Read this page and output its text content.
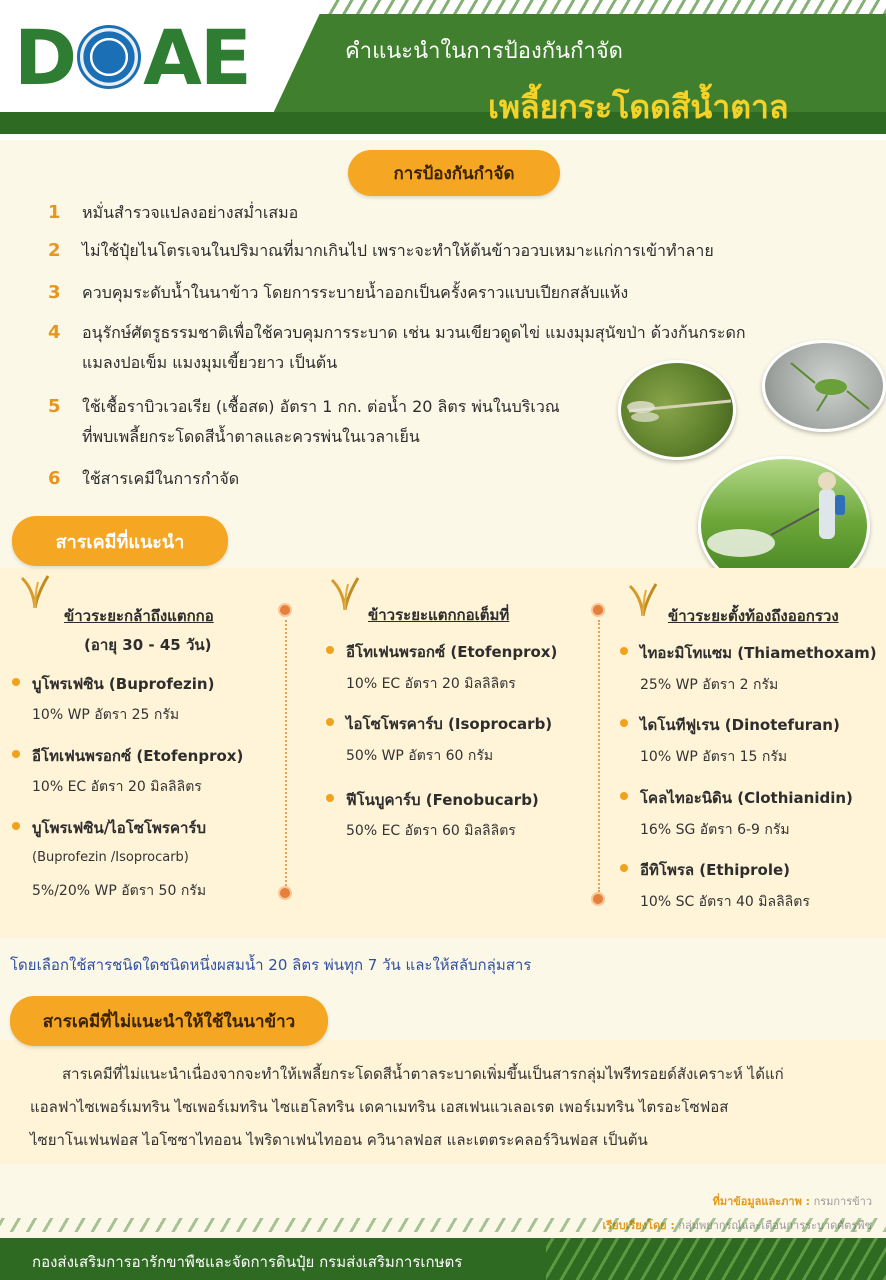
D AE	คำแนะนำในการป้องกันกำจัด
เพลี้ยกระโดดสีน้ำตาล
การป้องกันกำจัด
1	หมั่นสำรวจแปลงอย่างสม่ำเสมอ
2	ไม่ใช้ปุ๋ยไนโตรเจนในปริมาณที่มากเกินไป เพราะจะทำให้ต้นข้าวอวบเหมาะแก่การเข้าทำลาย
3	ควบคุมระดับน้ำในนาข้าว โดยการระบายน้ำออกเป็นครั้งคราวแบบเปียกสลับแห้ง
4	อนุรักษ์ศัตรูธรรมชาติเพื่อใช้ควบคุมการระบาด เช่น มวนเขียวดูดไข่ แมงมุมสุนัขป่า ด้วงก้นกระดก
แมลงปอเข็ม แมงมุมเขี้ยวยาว เป็นต้น
5	ใช้เชื้อราบิวเวอเรีย (เชื้อสด) อัตรา 1 กก. ต่อน้ำ 20 ลิตร พ่นในบริเวณ
ที่พบเพลี้ยกระโดดสีน้ำตาลและควรพ่นในเวลาเย็น
6	ใช้สารเคมีในการกำจัด
สารเคมีที่แนะนำ
ข้าวระยะกล้าถึงแตกกอ
(อายุ 30 - 45 วัน)
บูโพรเฟซิน (Buprofezin)
10% WP อัตรา 25 กรัม
อีโทเฟนพรอกซ์ (Etofenprox)
10% EC อัตรา 20 มิลลิลิตร
บูโพรเฟซิน/ไอโซโพรคาร์บ
(Buprofezin /Isoprocarb)
5%/20% WP อัตรา 50 กรัม
ข้าวระยะแตกกอเต็มที่
อีโทเฟนพรอกซ์ (Etofenprox)
10% EC อัตรา 20 มิลลิลิตร
ไอโซโพรคาร์บ (Isoprocarb)
50% WP อัตรา 60 กรัม
ฟีโนบูคาร์บ (Fenobucarb)
50% EC อัตรา 60 มิลลิลิตร
ข้าวระยะตั้งท้องถึงออกรวง
ไทอะมิโทแซม (Thiamethoxam)
25% WP อัตรา 2 กรัม
ไดโนทีฟูเรน (Dinotefuran)
10% WP อัตรา 15 กรัม
โคลไทอะนิดิน (Clothianidin)
16% SG อัตรา 6-9 กรัม
อีทิโพรล (Ethiprole)
10% SC อัตรา 40 มิลลิลิตร
โดยเลือกใช้สารชนิดใดชนิดหนึ่งผสมน้ำ 20 ลิตร พ่นทุก 7 วัน และให้สลับกลุ่มสาร
สารเคมีที่ไม่แนะนำให้ใช้ในนาข้าว
สารเคมีที่ไม่แนะนำเนื่องจากจะทำให้เพลี้ยกระโดดสีน้ำตาลระบาดเพิ่มขึ้นเป็นสารกลุ่มไพรีทรอยด์สังเคราะห์ ได้แก่
แอลฟาไซเพอร์เมทริน ไซเพอร์เมทริน ไซแฮโลทริน เดคาเมทริน เอสเฟนแวเลอเรต เพอร์เมทริน ไตรอะโซฟอส
ไซยาโนเฟนฟอส ไอโซซาไทออน ไพริดาเฟนไทออน ควินาลฟอส และเตตระคลอร์วินฟอส เป็นต้น
ที่มาข้อมูลและภาพ : กรมการข้าว
เรียบเรียงโดย : กลุ่มพยากรณ์และเตือนการระบาดศัตรูพืช
กองส่งเสริมการอารักขาพืชและจัดการดินปุ๋ย กรมส่งเสริมการเกษตร
